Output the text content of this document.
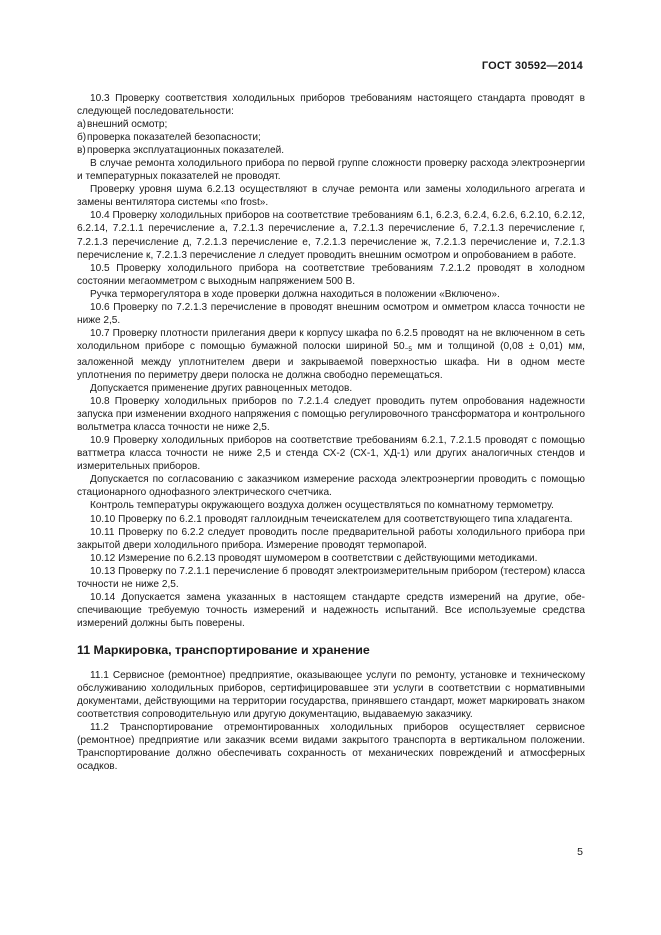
ГОСТ 30592—2014

10.3 Проверку соответствия холодильных приборов требованиям настоящего стандарта проводят в следующей последовательности:

а)внешний осмотр;

б)проверка показателей безопасности;

в)проверка эксплуатационных показателей.

В случае ремонта холодильного прибора по первой группе сложности проверку расхода электроэнергии и температурных показателей не проводят.

Проверку уровня шума 6.2.13 осуществляют в случае ремонта или замены холодильного агрегата и замены вентилятора системы «no frost».

10.4 Проверку холодильных приборов на соответствие требованиям 6.1, 6.2.3, 6.2.4, 6.2.6, 6.2.10, 6.2.12, 6.2.14, 7.2.1.1 перечисление а, 7.2.1.3 перечисление а, 7.2.1.3 перечисление б, 7.2.1.3 перечисление г, 7.2.1.3 перечисление д, 7.2.1.3 перечисление е, 7.2.1.3 перечисление ж, 7.2.1.3 перечисление и, 7.2.1.3 перечисление к, 7.2.1.3 перечисление л следует проводить внешним осмотром и опробованием в работе.

10.5 Проверку холодильного прибора на соответствие требованиям 7.2.1.2 проводят в холодном состоянии мегаомметром с выходным напряжением 500 В.

Ручка терморегулятора в ходе проверки должна находиться в положении «Включено».

10.6 Проверку по 7.2.1.3 перечисление в проводят внешним осмотром и омметром класса точности не ниже 2,5.

10.7 Проверку плотности прилегания двери к корпусу шкафа по 6.2.5 проводят на не включенном в сеть холодильном приборе с помощью бумажной полоски шириной $50_{-5}$ мм и толщиной (0,08 ± 0,01) мм, заложенной между уплотнителем двери и закрываемой поверхностью шкафа. Ни в одном месте уплотнения по периметру двери полоска не должна свободно перемещаться.

Допускается применение других равноценных методов.

10.8 Проверку холодильных приборов по 7.2.1.4 следует проводить путем опробования надежности запуска при изменении входного напряжения с помощью регулировочного трансформатора и контрольного вольтметра класса точности не ниже 2,5.

10.9 Проверку холодильных приборов на соответствие требованиям 6.2.1, 7.2.1.5 проводят с помощью ваттметра класса точности не ниже 2,5 и стенда СХ-2 (СХ-1, ХД-1) или других аналогичных стендов и измерительных приборов.

Допускается по согласованию с заказчиком измерение расхода электроэнергии проводить с помощью стационарного однофазного электрического счетчика.

Контроль температуры окружающего воздуха должен осуществляться по комнатному термометру.

10.10 Проверку по 6.2.1 проводят галлоидным течеискателем для соответствующего типа хладагента.

10.11 Проверку по 6.2.2 следует проводить после предварительной работы холодильного прибора при закрытой двери холодильного прибора. Измерение проводят термопарой.

10.12 Измерение по 6.2.13 проводят шумомером в соответствии с действующими методиками.

10.13 Проверку по 7.2.1.1 перечисление б проводят электроизмерительным прибором (тестером) класса точности не ниже 2,5.

10.14 Допускается замена указанных в настоящем стандарте средств измерений на другие, обеспечивающие требуемую точность измерений и надежность испытаний. Все используемые средства измерений должны быть поверены.

11 Маркировка, транспортирование и хранение

11.1 Сервисное (ремонтное) предприятие, оказывающее услуги по ремонту, установке и техническому обслуживанию холодильных приборов, сертифицировавшее эти услуги в соответствии с нормативными документами, действующими на территории государства, принявшего стандарт, может маркировать знаком соответствия сопроводительную или другую документацию, выдаваемую заказчику.

11.2 Транспортирование отремонтированных холодильных приборов осуществляет сервисное (ремонтное) предприятие или заказчик всеми видами закрытого транспорта в вертикальном положении. Транспортирование должно обеспечивать сохранность от механических повреждений и атмосферных осадков.

5
